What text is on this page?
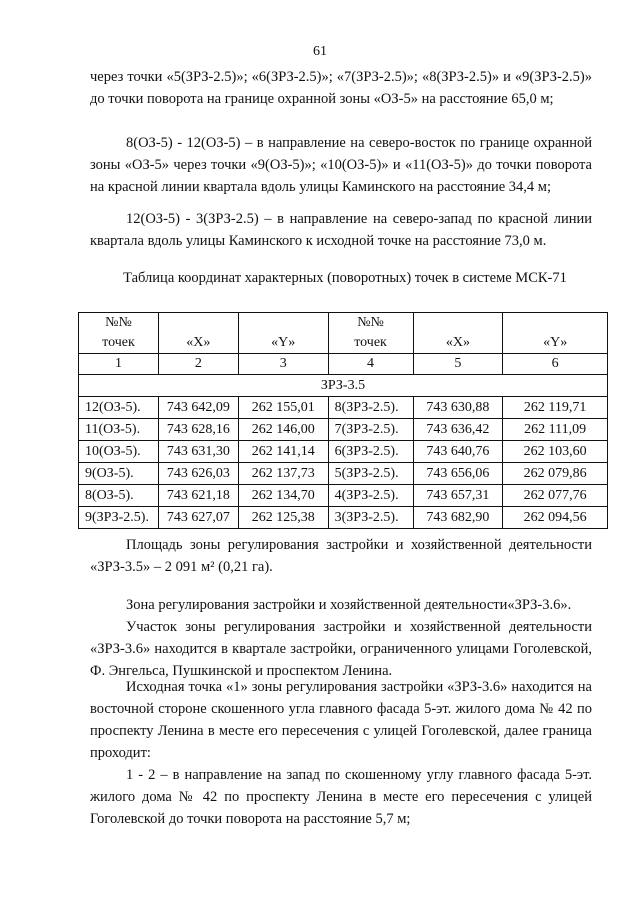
61
через точки «5(ЗРЗ-2.5)»; «6(ЗРЗ-2.5)»; «7(ЗРЗ-2.5)»; «8(ЗРЗ-2.5)» и «9(ЗРЗ-2.5)» до точки поворота на границе охранной зоны «ОЗ-5» на расстояние 65,0 м;
8(ОЗ-5) - 12(ОЗ-5) – в направление на северо-восток по границе охранной зоны «ОЗ-5» через точки «9(ОЗ-5)»; «10(ОЗ-5)» и «11(ОЗ-5)» до точки поворота на красной линии квартала вдоль улицы Каминского на расстояние 34,4 м;
12(ОЗ-5) - 3(ЗРЗ-2.5) – в направление на северо-запад по красной линии квартала вдоль улицы Каминского к исходной точке на расстояние 73,0 м.
Таблица координат характерных (поворотных) точек в системе МСК-71
№№			№№		
точек	«X»	«Y»	точек	«X»	«Y»
1	2	3	4	5	6
ЗРЗ-3.5					
12(ОЗ-5).	743 642,09	262 155,01	8(ЗРЗ-2.5).	743 630,88	262 119,71
11(ОЗ-5).	743 628,16	262 146,00	7(ЗРЗ-2.5).	743 636,42	262 111,09
10(ОЗ-5).	743 631,30	262 141,14	6(ЗРЗ-2.5).	743 640,76	262 103,60
9(ОЗ-5).	743 626,03	262 137,73	5(ЗРЗ-2.5).	743 656,06	262 079,86
8(ОЗ-5).	743 621,18	262 134,70	4(ЗРЗ-2.5).	743 657,31	262 077,76
9(ЗРЗ-2.5).	743 627,07	262 125,38	3(ЗРЗ-2.5).	743 682,90	262 094,56
Площадь зоны регулирования застройки и хозяйственной деятельности «ЗРЗ-3.5» – 2 091 м² (0,21 га).
Зона регулирования застройки и хозяйственной деятельности«ЗРЗ-3.6».
Участок зоны регулирования застройки и хозяйственной деятельности «ЗРЗ-3.6» находится в квартале застройки, ограниченного улицами Гоголевской, Ф. Энгельса, Пушкинской и проспектом Ленина.
Исходная точка «1» зоны регулирования застройки «ЗРЗ-3.6» находится на восточной стороне скошенного угла главного фасада 5-эт. жилого дома № 42 по проспекту Ленина в месте его пересечения с улицей Гоголевской, далее граница проходит:
1 - 2 – в направление на запад по скошенному углу главного фасада 5-эт. жилого дома № 42 по проспекту Ленина в месте его пересечения с улицей Гоголевской до точки поворота на расстояние 5,7 м;
